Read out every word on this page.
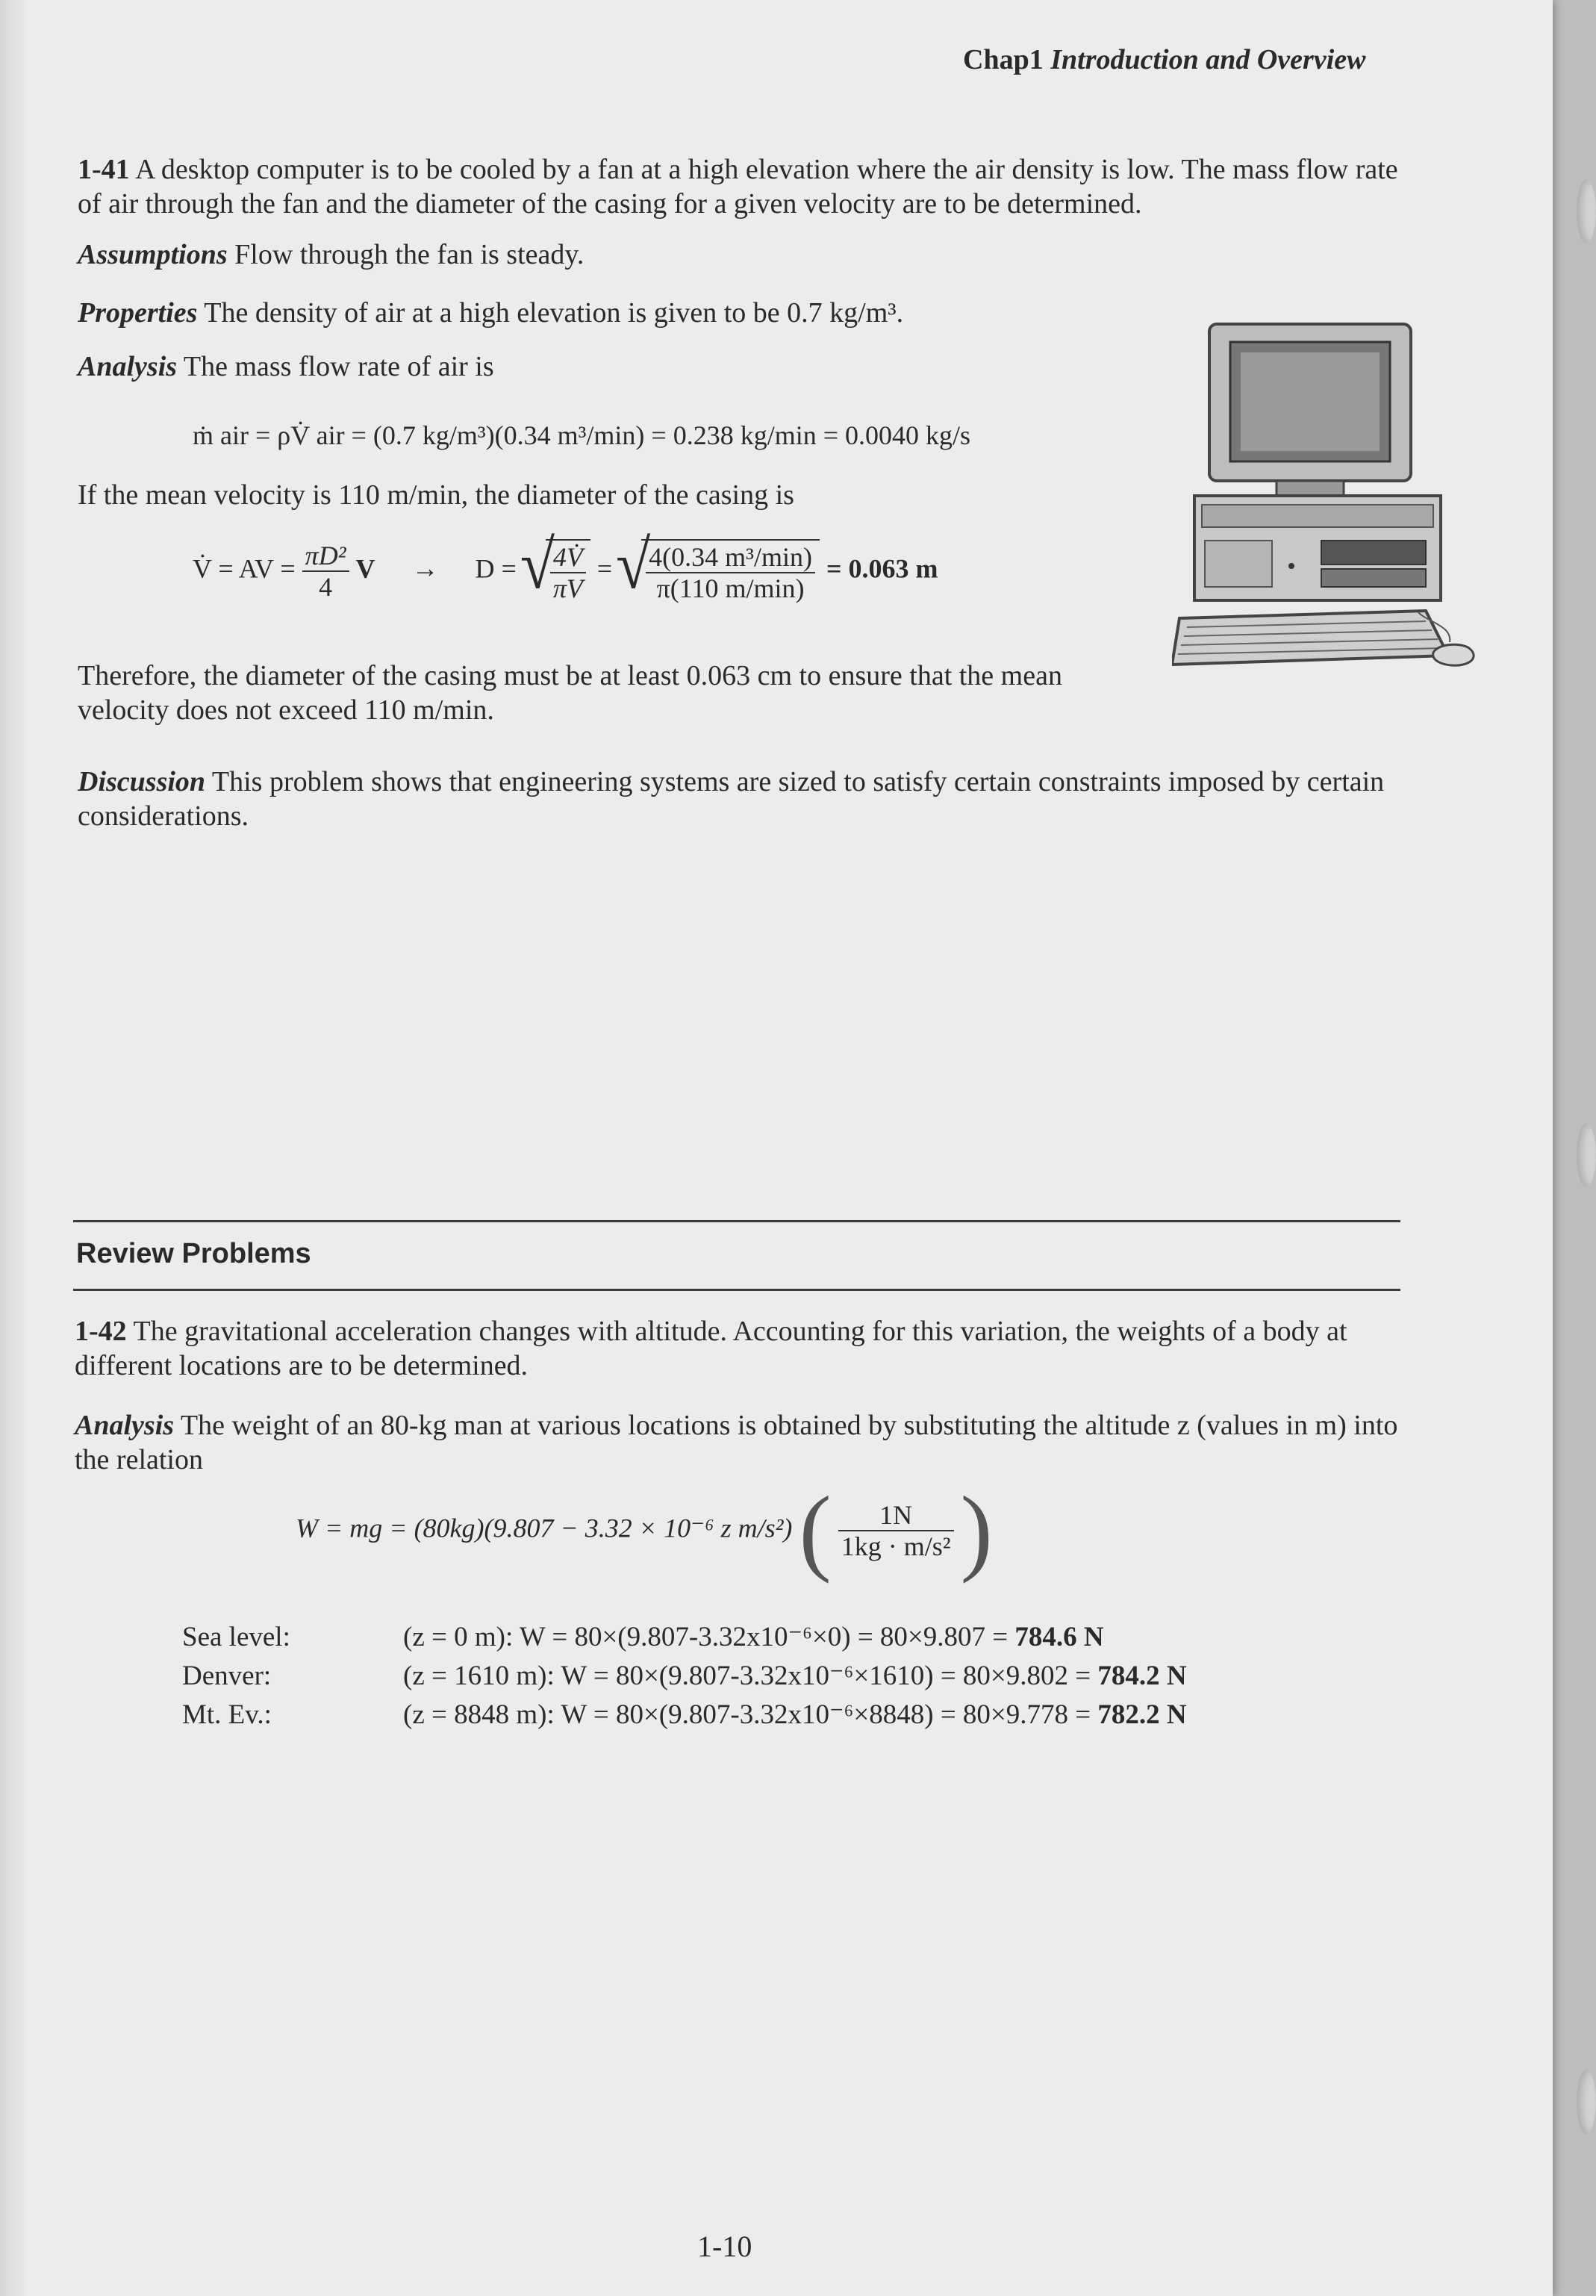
Chap1 Introduction and Overview
1-41 A desktop computer is to be cooled by a fan at a high elevation where the air density is low. The mass flow rate of air through the fan and the diameter of the casing for a given velocity are to be determined.
Assumptions Flow through the fan is steady.
Properties The density of air at a high elevation is given to be 0.7 kg/m³.
Analysis The mass flow rate of air is
ṁ air = ρV̇ air = (0.7 kg/m³)(0.34 m³/min) = 0.238 kg/min = 0.0040 kg/s
If the mean velocity is 110 m/min, the diameter of the casing is
V̇ = AV = $\frac{\text{πD²}}{4}$ V → D = √ $\frac{4V̇}{\pi V}$ = √ $\frac{\text{4(0.34 m³/min)}}{\pi(110 m/\min)} = 0.063$ m
Therefore, the diameter of the casing must be at least 0.063 cm to ensure that the mean velocity does not exceed 110 m/min.
Discussion This problem shows that engineering systems are sized to satisfy certain constraints imposed by certain considerations.
Review Problems
1-42 The gravitational acceleration changes with altitude. Accounting for this variation, the weights of a body at different locations are to be determined.
Analysis The weight of an 80-kg man at various locations is obtained by substituting the altitude z (values in m) into the relation
W = mg = (80kg)(9.807 − 3.32 × 10⁻⁶ z m/s²) ( $\frac{1N}{\text{1kg · m/s²}}$ )
Sea level:	(z = 0 m): W = 80×(9.807-3.32x10⁻⁶×0) = 80×9.807 = 784.6 N
Denver:	(z = 1610 m): W = 80×(9.807-3.32x10⁻⁶×1610) = 80×9.802 = 784.2 N
Mt. Ev.:	(z = 8848 m): W = 80×(9.807-3.32x10⁻⁶×8848) = 80×9.778 = 782.2 N
1-10
